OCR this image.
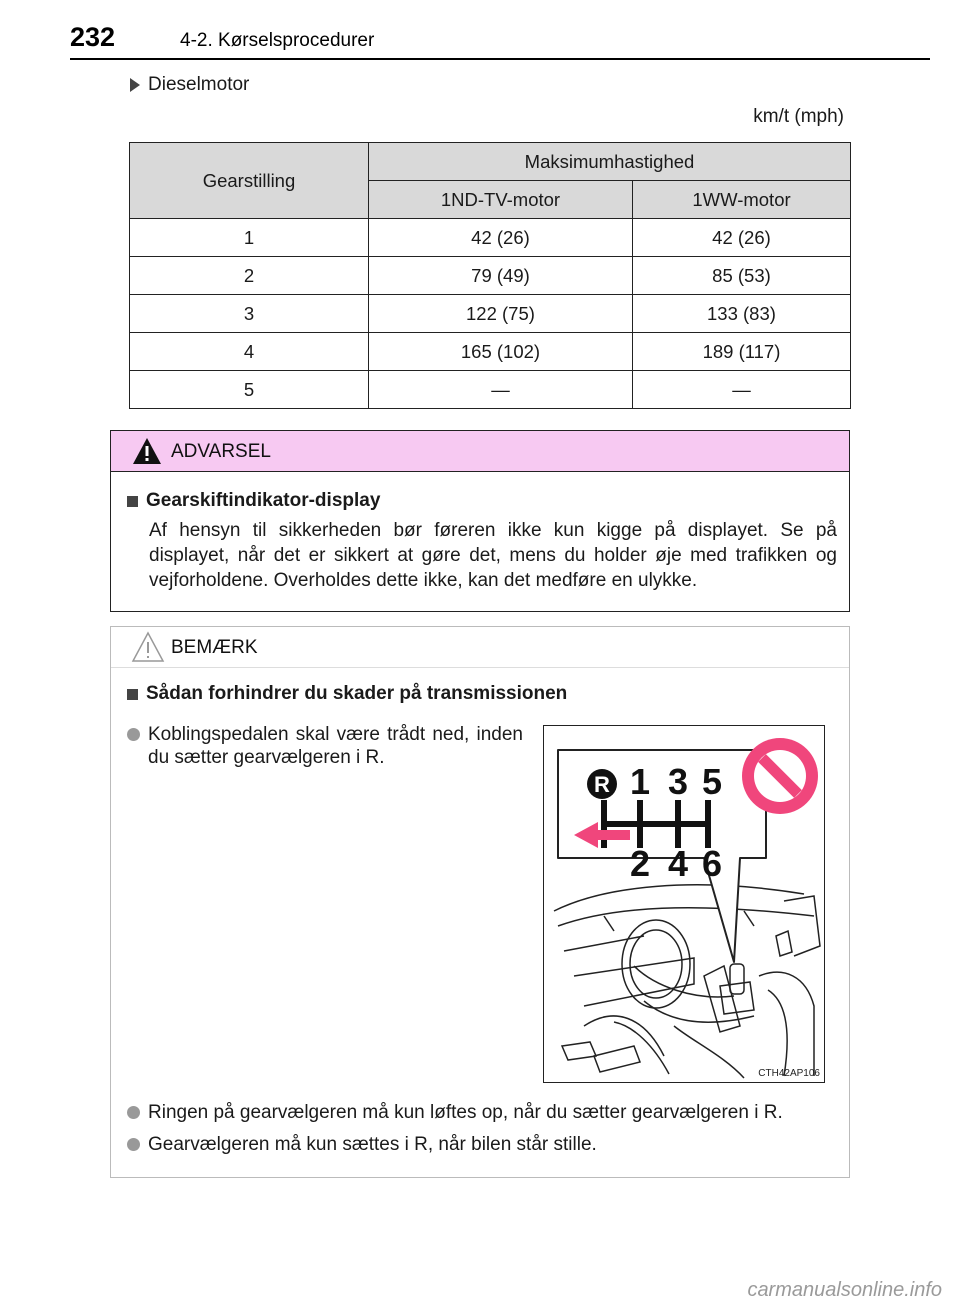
232	4-2. Kørselsprocedurer
Dieselmotor
km/t (mph)
Gearstilling	Maksimumhastighed	
	1ND-TV-motor	1WW-motor
1	42 (26)	42 (26)
2	79 (49)	85 (53)
3	122 (75)	133 (83)
4	165 (102)	189 (117)
5	—	—
ADVARSEL
Gearskiftindikator-display
Af hensyn til sikkerheden bør føreren ikke kun kigge på displayet. Se på displayet, når det er sikkert at gøre det, mens du holder øje med trafikken og vejforholdene. Overholdes dette ikke, kan det medføre en ulykke.
BEMÆRK
Sådan forhindrer du skader på transmissionen
Koblingspedalen skal være trådt ned, inden du sætter gearvælgeren i R.
R 1 3 5
2 4 6
CTH42AP106
Ringen på gearvælgeren må kun løftes op, når du sætter gearvælgeren i R.
Gearvælgeren må kun sættes i R, når bilen står stille.
carmanualsonline.info
